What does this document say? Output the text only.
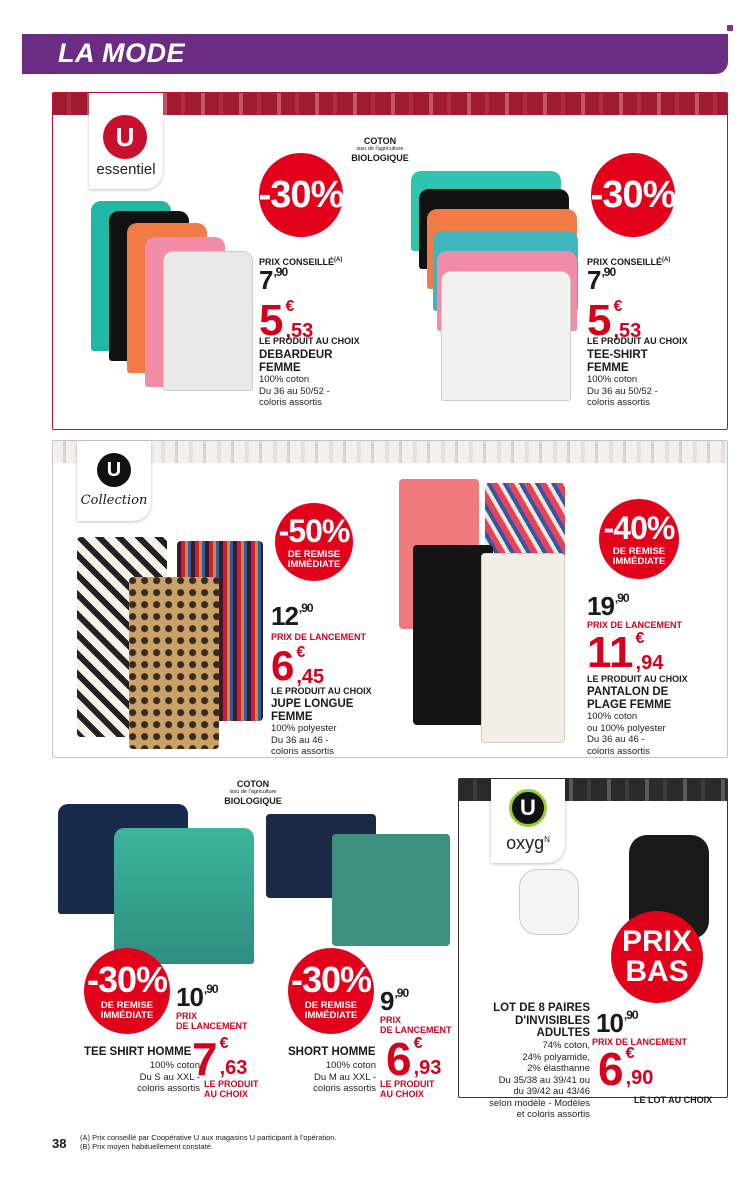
LA MODE
U
essentiel
-30%
PRIX $CONSEILLÉ^{(A)}$
$7^{,90}$
5 €
,53
LE PRODUIT AU CHOIX
DEBARDEUR
FEMME
100% coton
Du 36 au 50/52 -
coloris assortis
COTON
issu de l'agriculture
BIOLOGIQUE
-30%
PRIX $CONSEILLÉ^{(A)}$
$7^{,90}$
5 €
,53
LE PRODUIT AU CHOIX
TEE-SHIRT
FEMME
100% coton
Du 36 au 50/52 -
coloris assortis
U
Collection
-50%
DE REMISE
IMMÉDIATE
$12^{,90}$
PRIX DE LANCEMENT
6 €
,45
LE PRODUIT AU CHOIX
JUPE LONGUE
FEMME
100% polyester
Du 36 au 46 -
coloris assortis
-40%
DE REMISE
IMMÉDIATE
$19^{,90}$
PRIX DE LANCEMENT
11 €
,94
LE PRODUIT AU CHOIX
PANTALON DE
PLAGE FEMME
100% coton
ou 100% polyester
Du 36 au 46 -
coloris assortis
COTON
issu de l'agriculture
BIOLOGIQUE
-30%
DE REMISE
IMMÉDIATE
$10^{,90}$
PRIX
DE LANCEMENT
TEE SHIRT HOMME 7 €
,63
100% coton
Du S au XXL -
coloris assortis LE PRODUIT
AU CHOIX
-30%
DE REMISE
IMMÉDIATE $9^{,90}$
PRIX
DE LANCEMENT
SHORT HOMME 6 €
,93
100% coton
Du M au XXL -
coloris assortis LE PRODUIT
AU CHOIX
U
oxyg$^N$
PRIX
BAS
LOT DE 8 PAIRES
D'INVISIBLES
ADULTES
74% coton,
24% polyamide,
2% élasthanne
Du 35/38 au 39/41 ou
du 39/42 au 43/46
selon modèle - Modèles
et coloris assortis
$10^{,90}$
PRIX DE LANCEMENT
6 €
,90
LE LOT AU CHOIX
38 (A) Prix conseillé par Coopérative U aux magasins U participant à l'opération.
(B) Prix moyen habituellement constaté.
